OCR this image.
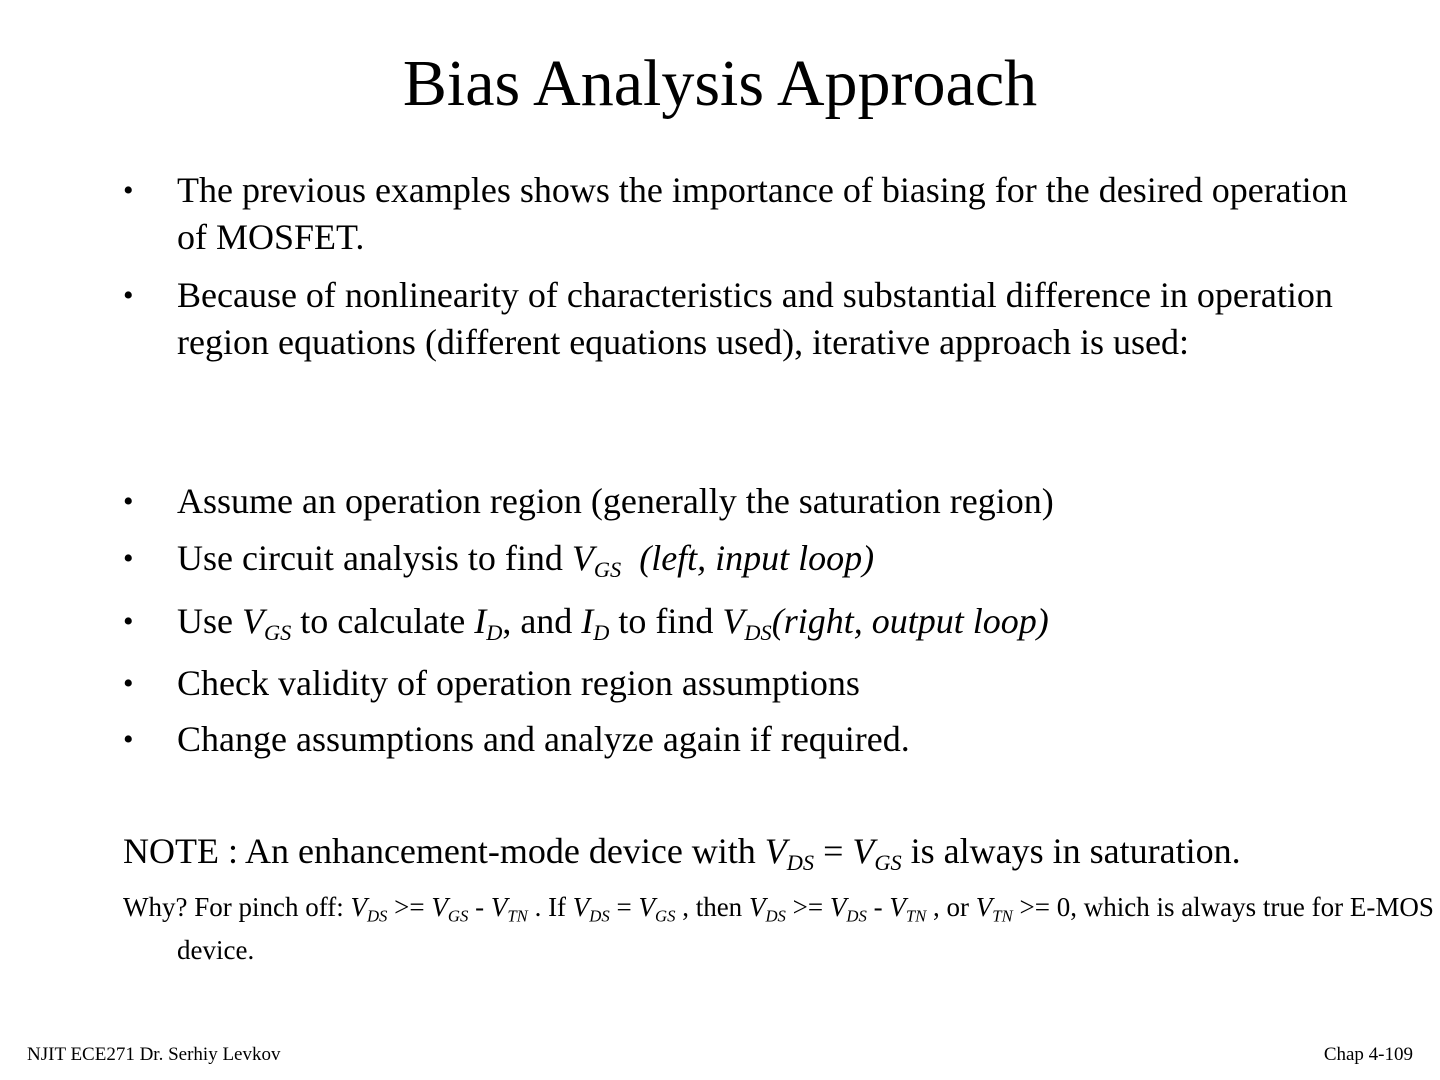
Bias Analysis Approach
• The previous examples shows the importance of biasing for the desired operation of MOSFET.
• Because of nonlinearity of characteristics and substantial difference in operation region equations (different equations used), iterative approach is used:
• Assume an operation region (generally the saturation region)
• Use circuit analysis to find $V_{GS}$ (left, input loop)
• Use $V_{GS}$ to calculate $I_D$, and $I_D$ to find $V_{DS}(right$, output loop)
• Check validity of operation region assumptions
• Change assumptions and analyze again if required.
NOTE : An enhancement-mode device with $V_{DS} = V_{GS}$ is always in saturation.
Why? For pinch off: $V_{DS} >= V_{GS} - V_{TN}$ . If $V_{DS} = V_{GS}$ , then $V_{DS} >= V_{DS} - V_{TN}$ , or $V_{TN} >= 0$, which is always true for E-MOS device.
NJIT ECE271 Dr. Serhiy Levkov	Chap 4-109
